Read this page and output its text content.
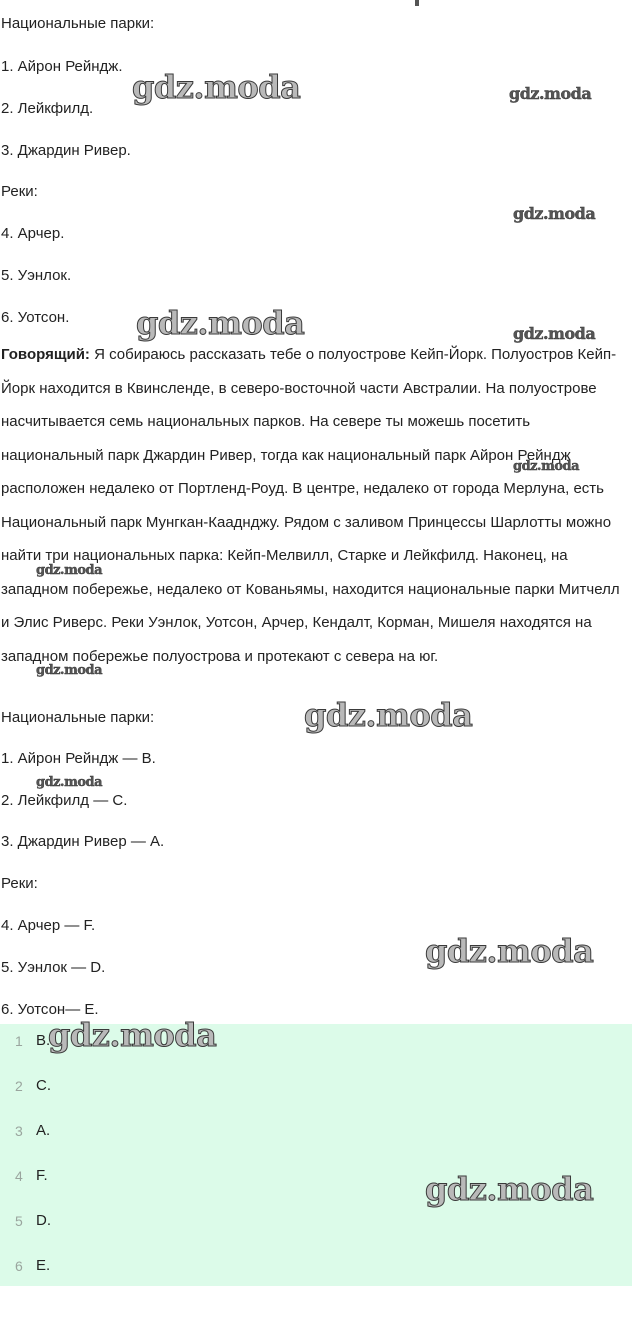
Национальные парки:
1. Айрон Рейндж.
2. Лейкфилд.
3. Джардин Ривер.
Реки:
4. Арчер.
5. Уэнлок.
6. Уотсон.
Говорящий: Я собираюсь рассказать тебе о полуострове Кейп-Йорк. Полуостров Кейп-Йорк находится в Квинсленде, в северо-восточной части Австралии. На полуострове насчитывается семь национальных парков. На севере ты можешь посетить национальный парк Джардин Ривер, тогда как национальный парк Айрон Рейндж расположен недалеко от Портленд-Роуд. В центре, недалеко от города Мерлуна, есть Национальный парк Мунгкан-Кааднджу. Рядом с заливом Принцессы Шарлотты можно найти три национальных парка: Кейп-Мелвилл, Старке и Лейкфилд. Наконец, на западном побережье, недалеко от Кованьямы, находится национальные парки Митчелл и Элис Риверс. Реки Уэнлок, Уотсон, Арчер, Кендалт, Корман, Мишеля находятся на западном побережье полуострова и протекают с севера на юг.
Национальные парки:
1. Айрон Рейндж — B.
2. Лейкфилд — C.
3. Джардин Ривер — A.
Реки:
4. Арчер — F.
5. Уэнлок — D.
6. Уотсон— E.
1 B.
2 C.
3 A.
4 F.
5 D.
6 E.
gdz.moda	gdz.moda
gdz.moda
gdz.moda	gdz.moda
gdz.moda
gdz.moda
gdz.moda
gdz.moda
gdz.moda
gdz.moda
gdz.moda
gdz.moda
